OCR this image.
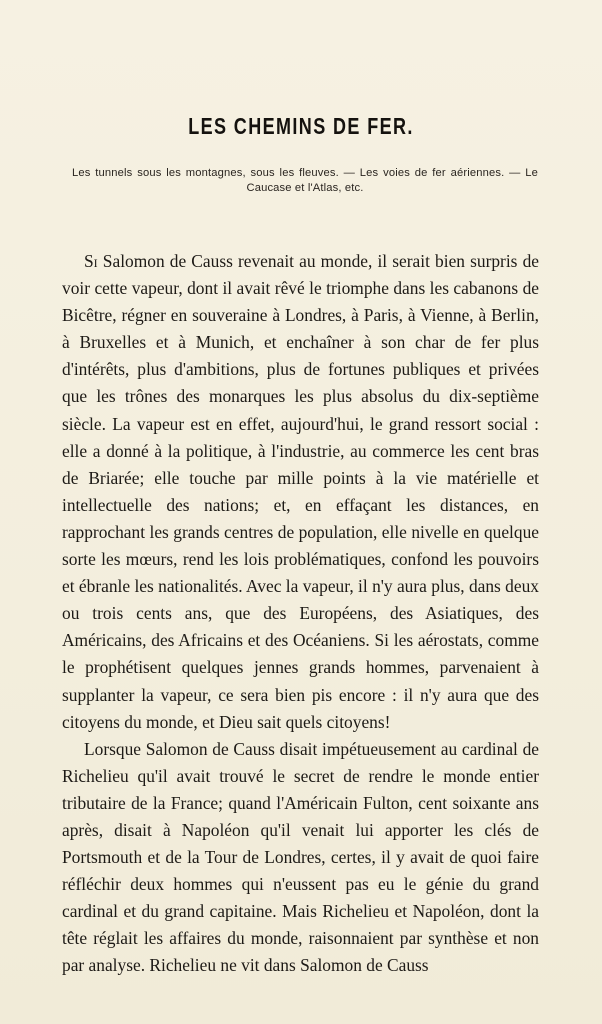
LES CHEMINS DE FER.

Les tunnels sous les montagnes, sous les fleuves. — Les voies de fer aériennes. — Le Caucase et l'Atlas, etc.

Si Salomon de Causs revenait au monde, il serait bien surpris de voir cette vapeur, dont il avait rêvé le triomphe dans les cabanons de Bicêtre, régner en souveraine à Londres, à Paris, à Vienne, à Berlin, à Bruxelles et à Munich, et enchaîner à son char de fer plus d'intérêts, plus d'ambitions, plus de fortunes publiques et privées que les trônes des monarques les plus absolus du dix-septième siècle. La vapeur est en effet, aujourd'hui, le grand ressort social : elle a donné à la politique, à l'industrie, au commerce les cent bras de Briarée; elle touche par mille points à la vie matérielle et intellectuelle des nations; et, en effaçant les distances, en rapprochant les grands centres de population, elle nivelle en quelque sorte les mœurs, rend les lois problématiques, confond les pouvoirs et ébranle les nationalités. Avec la vapeur, il n'y aura plus, dans deux ou trois cents ans, que des Européens, des Asiatiques, des Américains, des Africains et des Océaniens. Si les aérostats, comme le prophétisent quelques jennes grands hommes, parvenaient à supplanter la vapeur, ce sera bien pis encore : il n'y aura que des citoyens du monde, et Dieu sait quels citoyens!

Lorsque Salomon de Causs disait impétueusement au cardinal de Richelieu qu'il avait trouvé le secret de rendre le monde entier tributaire de la France; quand l'Américain Fulton, cent soixante ans après, disait à Napoléon qu'il venait lui apporter les clés de Portsmouth et de la Tour de Londres, certes, il y avait de quoi faire réfléchir deux hommes qui n'eussent pas eu le génie du grand cardinal et du grand capitaine. Mais Richelieu et Napoléon, dont la tête réglait les affaires du monde, raisonnaient par synthèse et non par analyse. Richelieu ne vit dans Salomon de Causs
